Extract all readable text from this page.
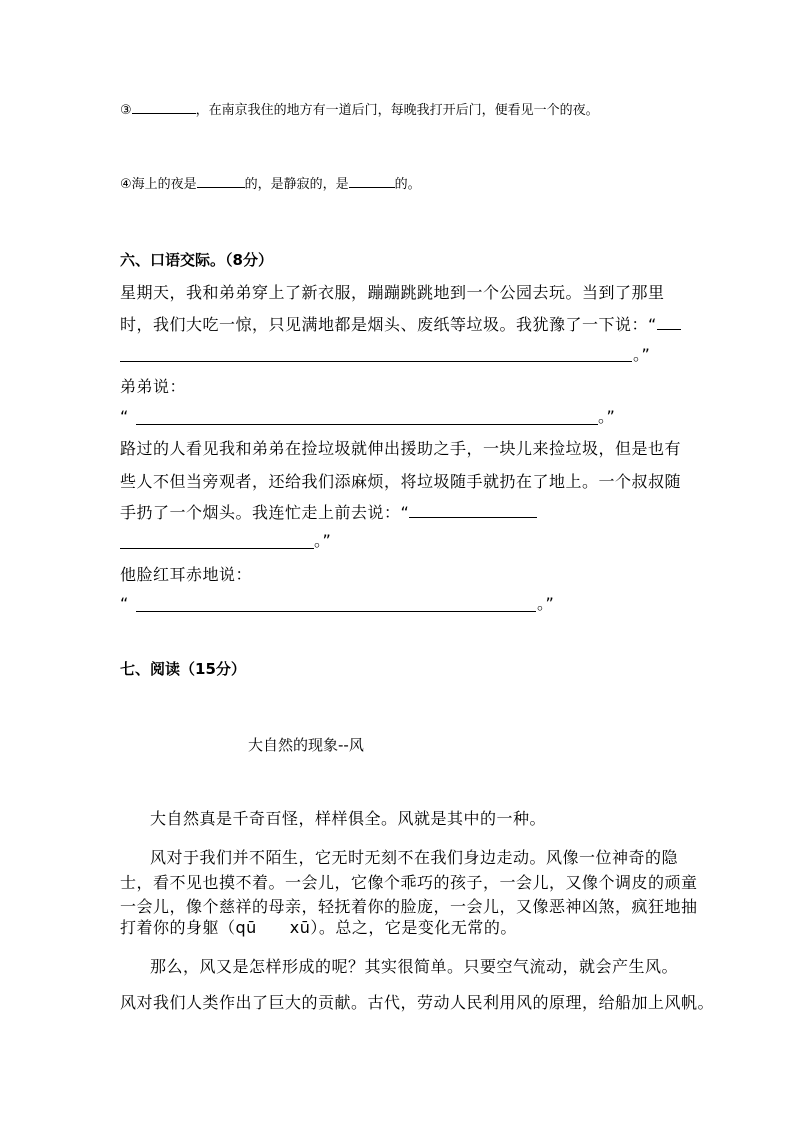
③	，在南京我住的地方有一道后门，每晚我打开后门，便看见一个的夜。
④海上的夜是	的，是静寂的，是	的。
六、口语交际。（8分）
星期天，我和弟弟穿上了新衣服，蹦蹦跳跳地到一个公园去玩。当到了那里
时，我们大吃一惊，只见满地都是烟头、废纸等垃圾。我犹豫了一下说：“
。”
弟弟说：
“	。”
路过的人看见我和弟弟在捡垃圾就伸出援助之手，一块儿来捡垃圾，但是也有
些人不但当旁观者，还给我们添麻烦，将垃圾随手就扔在了地上。一个叔叔随
手扔了一个烟头。我连忙走上前去说：“
。”
他脸红耳赤地说：
“	。”
七、阅读（15分）
大自然的现象--风
大自然真是千奇百怪，样样俱全。风就是其中的一种。
风对于我们并不陌生，它无时无刻不在我们身边走动。风像一位神奇的隐
士，看不见也摸不着。一会儿，它像个乖巧的孩子，一会儿，又像个调皮的顽童
一会儿，像个慈祥的母亲，轻抚着你的脸庞，一会儿，又像恶神凶煞，疯狂地抽
打着你的身躯（qū　　xū）。总之，它是变化无常的。
那么，风又是怎样形成的呢？其实很简单。只要空气流动，就会产生风。
风对我们人类作出了巨大的贡献。古代，劳动人民利用风的原理，给船加上风帆。
